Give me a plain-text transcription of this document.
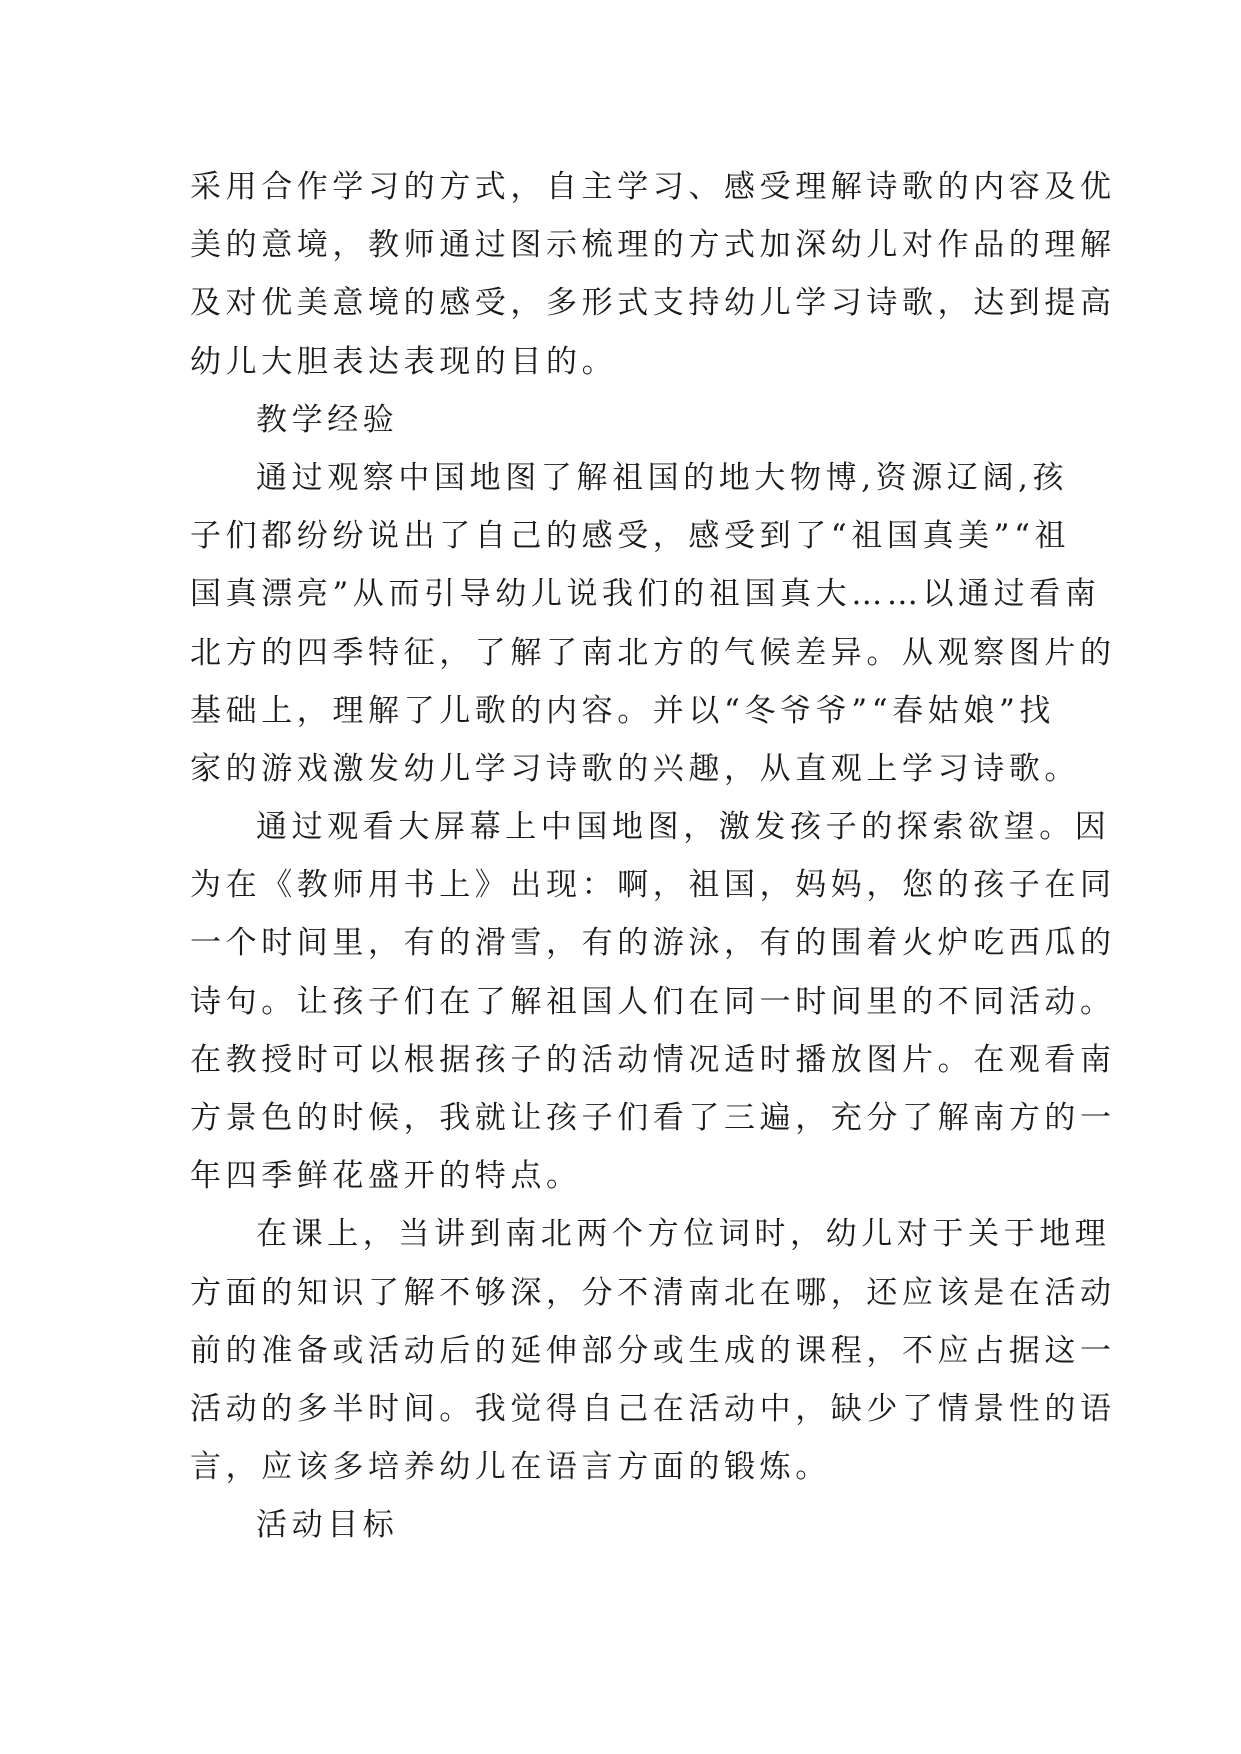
采用合作学习的方式，自主学习、感受理解诗歌的内容及优
美的意境，教师通过图示梳理的方式加深幼儿对作品的理解
及对优美意境的感受，多形式支持幼儿学习诗歌，达到提高
幼儿大胆表达表现的目的。
教学经验
通过观察中国地图了解祖国的地大物博,资源辽阔,孩
子们都纷纷说出了自己的感受，感受到了“祖国真美”“祖
国真漂亮”从而引导幼儿说我们的祖国真大……以通过看南
北方的四季特征，了解了南北方的气候差异。从观察图片的
基础上，理解了儿歌的内容。并以“冬爷爷”“春姑娘”找
家的游戏激发幼儿学习诗歌的兴趣，从直观上学习诗歌。
通过观看大屏幕上中国地图，激发孩子的探索欲望。因
为在《教师用书上》出现：啊，祖国，妈妈，您的孩子在同
一个时间里，有的滑雪，有的游泳，有的围着火炉吃西瓜的
诗句。让孩子们在了解祖国人们在同一时间里的不同活动。
在教授时可以根据孩子的活动情况适时播放图片。在观看南
方景色的时候，我就让孩子们看了三遍，充分了解南方的一
年四季鲜花盛开的特点。
在课上，当讲到南北两个方位词时，幼儿对于关于地理
方面的知识了解不够深，分不清南北在哪，还应该是在活动
前的准备或活动后的延伸部分或生成的课程，不应占据这一
活动的多半时间。我觉得自己在活动中，缺少了情景性的语
言，应该多培养幼儿在语言方面的锻炼。
活动目标
